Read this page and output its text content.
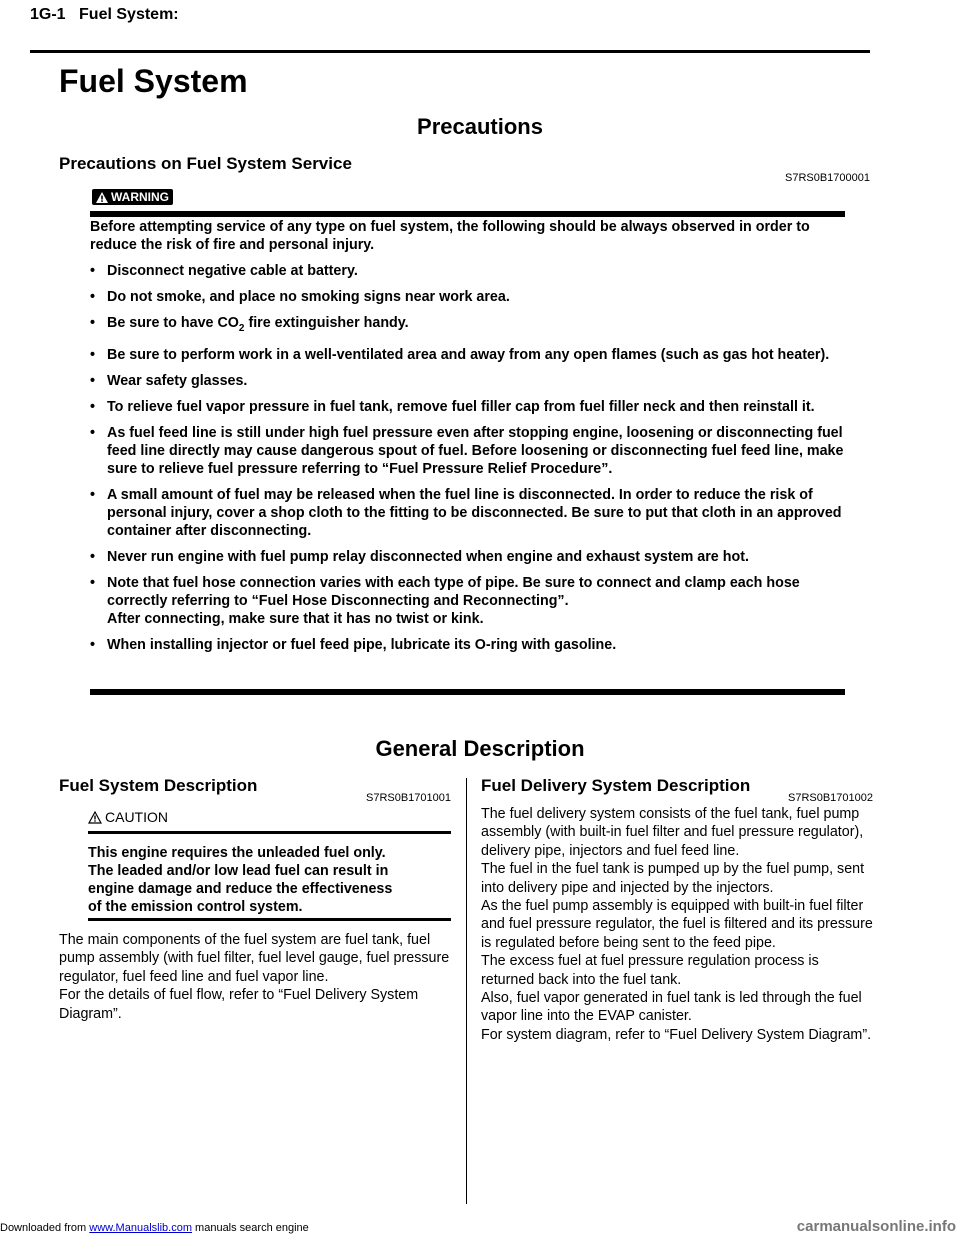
1G-1 Fuel System:
Fuel System
Precautions
Precautions on Fuel System Service
S7RS0B1700001
WARNING

Before attempting service of any type on fuel system, the following should be always observed in order to reduce the risk of fire and personal injury.

• Disconnect negative cable at battery.
• Do not smoke, and place no smoking signs near work area.
• Be sure to have $CO_2$ fire extinguisher handy.
• Be sure to perform work in a well-ventilated area and away from any open flames (such as gas hot heater).
• Wear safety glasses.
• To relieve fuel vapor pressure in fuel tank, remove fuel filler cap from fuel filler neck and then reinstall it.
• As fuel feed line is still under high fuel pressure even after stopping engine, loosening or disconnecting fuel feed line directly may cause dangerous spout of fuel. Before loosening or disconnecting fuel feed line, make sure to relieve fuel pressure referring to “Fuel Pressure Relief Procedure”.
• A small amount of fuel may be released when the fuel line is disconnected. In order to reduce the risk of personal injury, cover a shop cloth to the fitting to be disconnected. Be sure to put that cloth in an approved container after disconnecting.
• Never run engine with fuel pump relay disconnected when engine and exhaust system are hot.
• Note that fuel hose connection varies with each type of pipe. Be sure to connect and clamp each hose correctly referring to “Fuel Hose Disconnecting and Reconnecting”.
After connecting, make sure that it has no twist or kink.
• When installing injector or fuel feed pipe, lubricate its O-ring with gasoline.
General Description
Fuel System Description
S7RS0B1701001
CAUTION
This engine requires the unleaded fuel only.
The leaded and/or low lead fuel can result in
engine damage and reduce the effectiveness
of the emission control system.

The main components of the fuel system are fuel tank, fuel pump assembly (with fuel filter, fuel level gauge, fuel pressure regulator, fuel feed line and fuel vapor line.

For the details of fuel flow, refer to “Fuel Delivery System Diagram”.

Fuel Delivery System Description
S7RS0B1701002

The fuel delivery system consists of the fuel tank, fuel pump assembly (with built-in fuel filter and fuel pressure regulator), delivery pipe, injectors and fuel feed line.

The fuel in the fuel tank is pumped up by the fuel pump, sent into delivery pipe and injected by the injectors.

As the fuel pump assembly is equipped with built-in fuel filter and fuel pressure regulator, the fuel is filtered and its pressure is regulated before being sent to the feed pipe.

The excess fuel at fuel pressure regulation process is returned back into the fuel tank.

Also, fuel vapor generated in fuel tank is led through the fuel vapor line into the EVAP canister.

For system diagram, refer to “Fuel Delivery System Diagram”.

Downloaded from www.Manualslib.com manuals search engine	carmanualsonline.info
